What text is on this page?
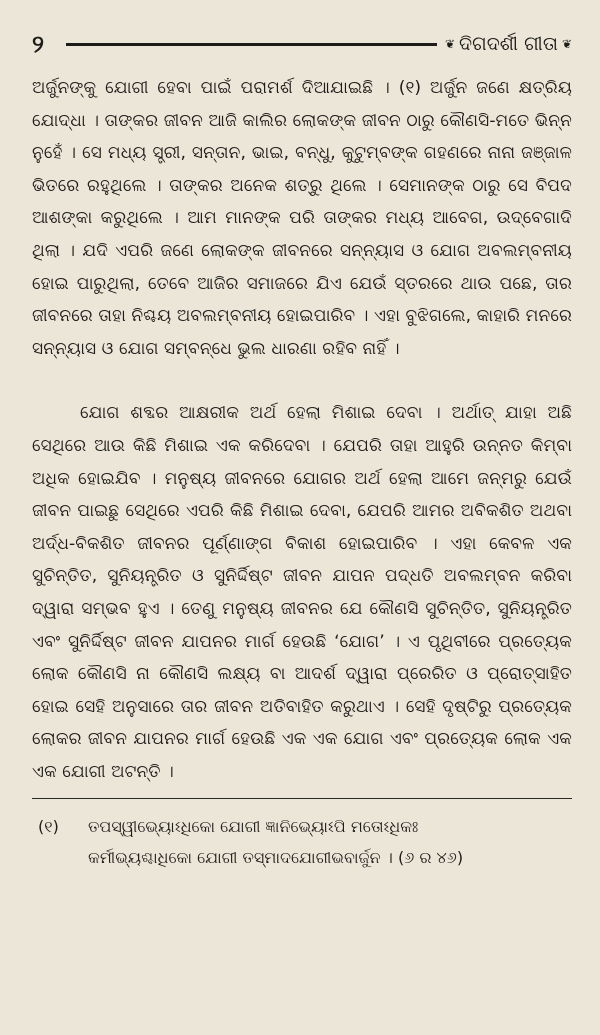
୨	❦ ଦିଗଦର୍ଶୀ ଗୀତା ❦

ଅର୍ଜୁନଙ୍କୁ ଯୋଗୀ ହେବା ପାଇଁ ପରାମର୍ଶ ଦିଆଯାଇଛି । (୧) ଅର୍ଜୁନ ଜଣେ କ୍ଷତ୍ରିୟ ଯୋଦ୍ଧା । ତାଙ୍କର ଜୀବନ ଆଜି କାଲିର ଲୋକଙ୍କ ଜୀବନ ଠାରୁ କୌଣସି-ମତେ ଭିନ୍ନ ନୁହେଁ । ସେ ମଧ୍ୟ ସ୍ତ୍ରୀ, ସନ୍ତାନ, ଭାଇ, ବନ୍ଧୁ, କୁଟୁମ୍ବଙ୍କ ଗହଣରେ ନାନା ଜଞ୍ଜାଳ ଭିତରେ ରହୁଥିଲେ । ତାଙ୍କର ଅନେକ ଶତ୍ରୁ ଥିଲେ । ସେମାନଙ୍କ ଠାରୁ ସେ ବିପଦ ଆଶଙ୍କା କରୁଥିଲେ । ଆମ ମାନଙ୍କ ପରି ତାଙ୍କର ମଧ୍ୟ ଆବେଗ, ଉଦ୍‌ବେଗାଦି ଥିଲା । ଯଦି ଏପରି ଜଣେ ଲୋକଙ୍କ ଜୀବନରେ ସନ୍ନ୍ୟାସ ଓ ଯୋଗ ଅବଲମ୍ବନୀୟ ହୋଇ ପାରୁଥିଲା, ତେବେ ଆଜିର ସମାଜରେ ଯିଏ ଯେଉଁ ସ୍ତରରେ ଥାଉ ପଛେ, ତାର ଜୀବନରେ ତାହା ନିଶ୍ଚୟ ଅବଲମ୍ବନୀୟ ହୋଇପାରିବ । ଏହା ବୁଝିଗଲେ, କାହାରି ମନରେ ସନ୍ନ୍ୟାସ ଓ ଯୋଗ ସମ୍ବନ୍ଧେ ଭୁଲ ଧାରଣା ରହିବ ନାହିଁ ।

ଯୋଗ ଶବ୍ଦର ଆକ୍ଷରୀକ ଅର୍ଥ ହେଲା ମିଶାଇ ଦେବା । ଅର୍ଥାତ୍ ଯାହା ଅଛି ସେଥିରେ ଆଉ କିଛି ମିଶାଇ ଏକ କରିଦେବା । ଯେପରି ତାହା ଆହୁରି ଉନ୍ନତ କିମ୍ବା ଅଧିକ ହୋଇଯିବ । ମନୁଷ୍ୟ ଜୀବନରେ ଯୋଗର ଅର୍ଥ ହେଲା ଆମେ ଜନ୍ମରୁ ଯେଉଁ ଜୀବନ ପାଇଛୁ ସେଥିରେ ଏପରି କିଛି ମିଶାଇ ଦେବା, ଯେପରି ଆମର ଅବିକଶିତ ଅଥବା ଅର୍ଦ୍ଧ-ବିକଶିତ ଜୀବନର ପୂର୍ଣ୍ଣାଙ୍ଗ ବିକାଶ ହୋଇପାରିବ । ଏହା କେବଳ ଏକ ସୁଚିନ୍ତିତ, ସୁନିୟନ୍ତ୍ରିତ ଓ ସୁନିର୍ଦ୍ଦିଷ୍ଟ ଜୀବନ ଯାପନ ପଦ୍ଧତି ଅବଲମ୍ବନ କରିବା ଦ୍ୱାରା ସମ୍ଭବ ହୁଏ । ତେଣୁ ମନୁଷ୍ୟ ଜୀବନର ଯେ କୌଣସି ସୁଚିନ୍ତିତ, ସୁନିୟନ୍ତ୍ରିତ ଏବଂ ସୁନିର୍ଦ୍ଦିଷ୍ଟ ଜୀବନ ଯାପନର ମାର୍ଗ ହେଉଛି ‘ଯୋଗ’ । ଏ ପୃଥିବୀରେ ପ୍ରତ୍ୟେକ ଲୋକ କୌଣସି ନା କୌଣସି ଲକ୍ଷ୍ୟ ବା ଆଦର୍ଶ ଦ୍ୱାରା ପ୍ରେରିତ ଓ ପ୍ରୋତ୍ସାହିତ ହୋଇ ସେହି ଅନୁସାରେ ତାର ଜୀବନ ଅତିବାହିତ କରୁଥାଏ । ସେହି ଦୃଷ୍ଟିରୁ ପ୍ରତ୍ୟେକ ଲୋକର ଜୀବନ ଯାପନର ମାର୍ଗ ହେଉଛି ଏକ ଏକ ଯୋଗ ଏବଂ ପ୍ରତ୍ୟେକ ଲୋକ ଏକ ଏକ ଯୋଗୀ ଅଟନ୍ତି ।

(୧)	ତପସ୍ୱୀଭ୍ୟୋଽଧିକୋ ଯୋଗୀ ଜ୍ଞାନିଭ୍ୟୋଽପି ମତୋଽଧିକଃ
କର୍ମୀଭ୍ୟଶ୍ଚାଧିକୋ ଯୋଗୀ ତସ୍ମାଦଯୋଗୀଭବାର୍ଜୁନ । (୬ ର ୪୬)
